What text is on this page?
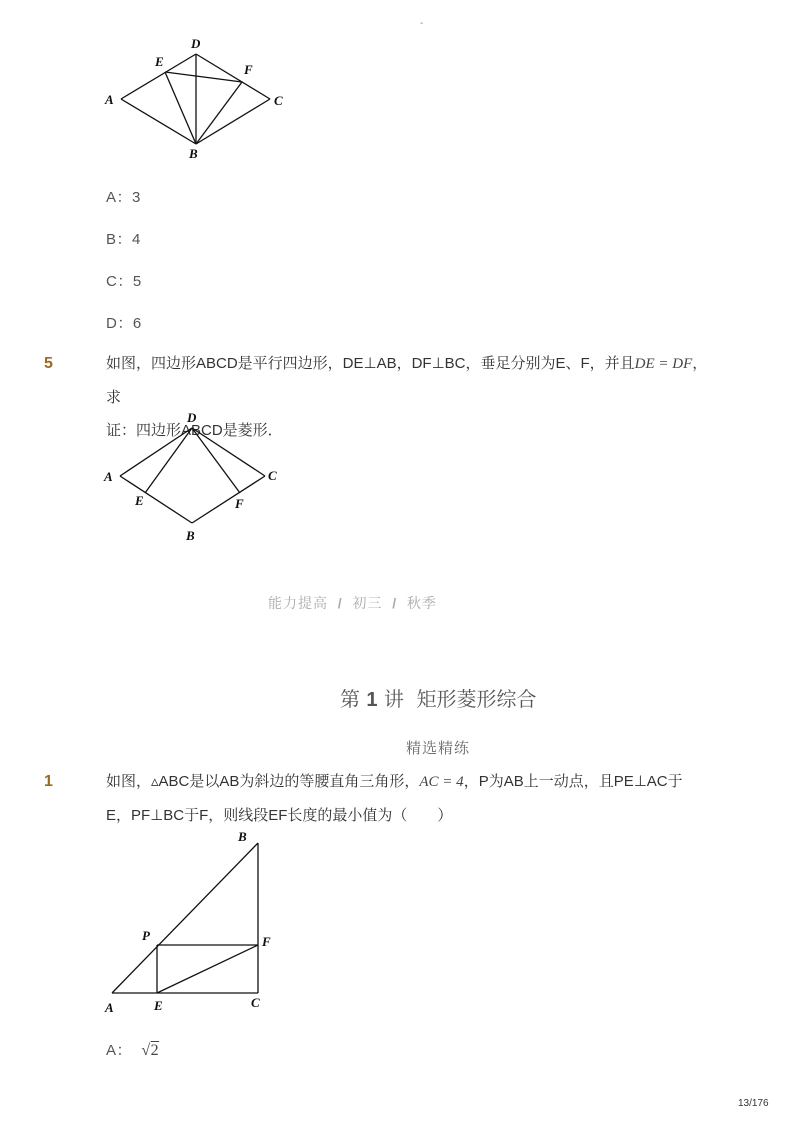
-
A
D
E
F
C
B
A：3
B：4
C：5
D：6
5	如图，四边形ABCD是平行四边形，DE⊥AB，DF⊥BC，垂足分别为E、F，并且DE = DF，求
证：四边形ABCD是菱形．
D
A	C
E	F
B
能力提高 / 初三 / 秋季
第 1 讲 矩形菱形综合
精选精练
1	如图，▵ABC是以AB为斜边的等腰直角三角形，AC = 4，P为AB上一动点，且PE⊥AC于
E，PF⊥BC于F，则线段EF长度的最小值为（　　）
B
P	F
A	E	C
A： √2
13/176
